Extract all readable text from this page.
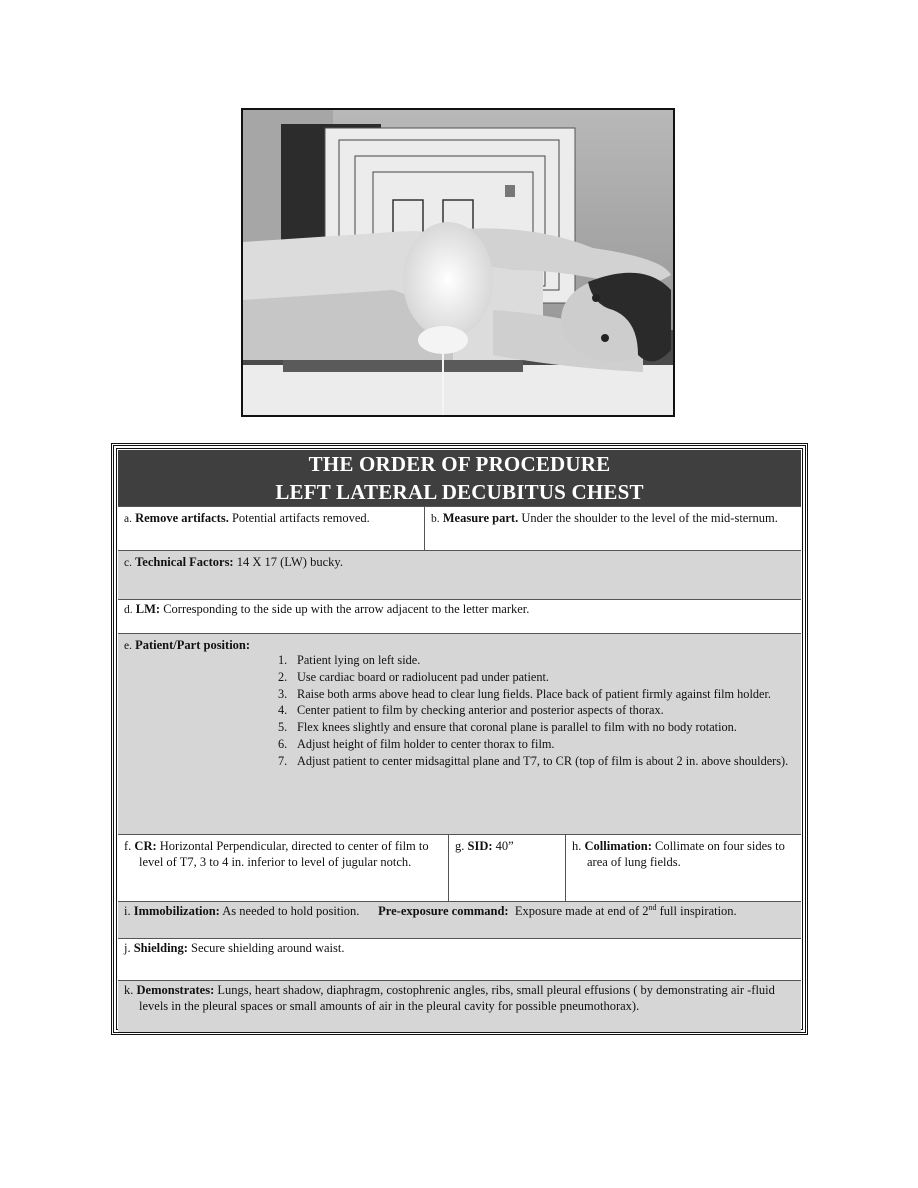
THE ORDER OF PROCEDURE
LEFT LATERAL DECUBITUS CHEST
a. Remove artifacts. Potential artifacts removed.	b. Measure part. Under the shoulder to the level of the mid-sternum.
c. Technical Factors: 14 X 17 (LW) bucky.
d. LM: Corresponding to the side up with the arrow adjacent to the letter marker.
e. Patient/Part position:
1. Patient lying on left side.
2. Use cardiac board or radiolucent pad under patient.
3. Raise both arms above head to clear lung fields. Place back of patient firmly against film holder.
4. Center patient to film by checking anterior and posterior aspects of thorax.
5. Flex knees slightly and ensure that coronal plane is parallel to film with no body rotation.
6. Adjust height of film holder to center thorax to film.
7. Adjust patient to center midsagittal plane and T7, to CR (top of film is about 2 in. above shoulders).
f. CR: Horizontal Perpendicular, directed to center of film to level of T7, 3 to 4 in. inferior to level of jugular notch.
g. SID: 40”	h. Collimation: Collimate on four sides to area of lung fields.
i. Immobilization: As needed to hold position. Pre-exposure command: Exposure made at end of 2nd full inspiration.
j. Shielding: Secure shielding around waist.
k. Demonstrates: Lungs, heart shadow, diaphragm, costophrenic angles, ribs, small pleural effusions ( by demonstrating air -fluid levels in the pleural spaces or small amounts of air in the pleural cavity for possible pneumothorax).
